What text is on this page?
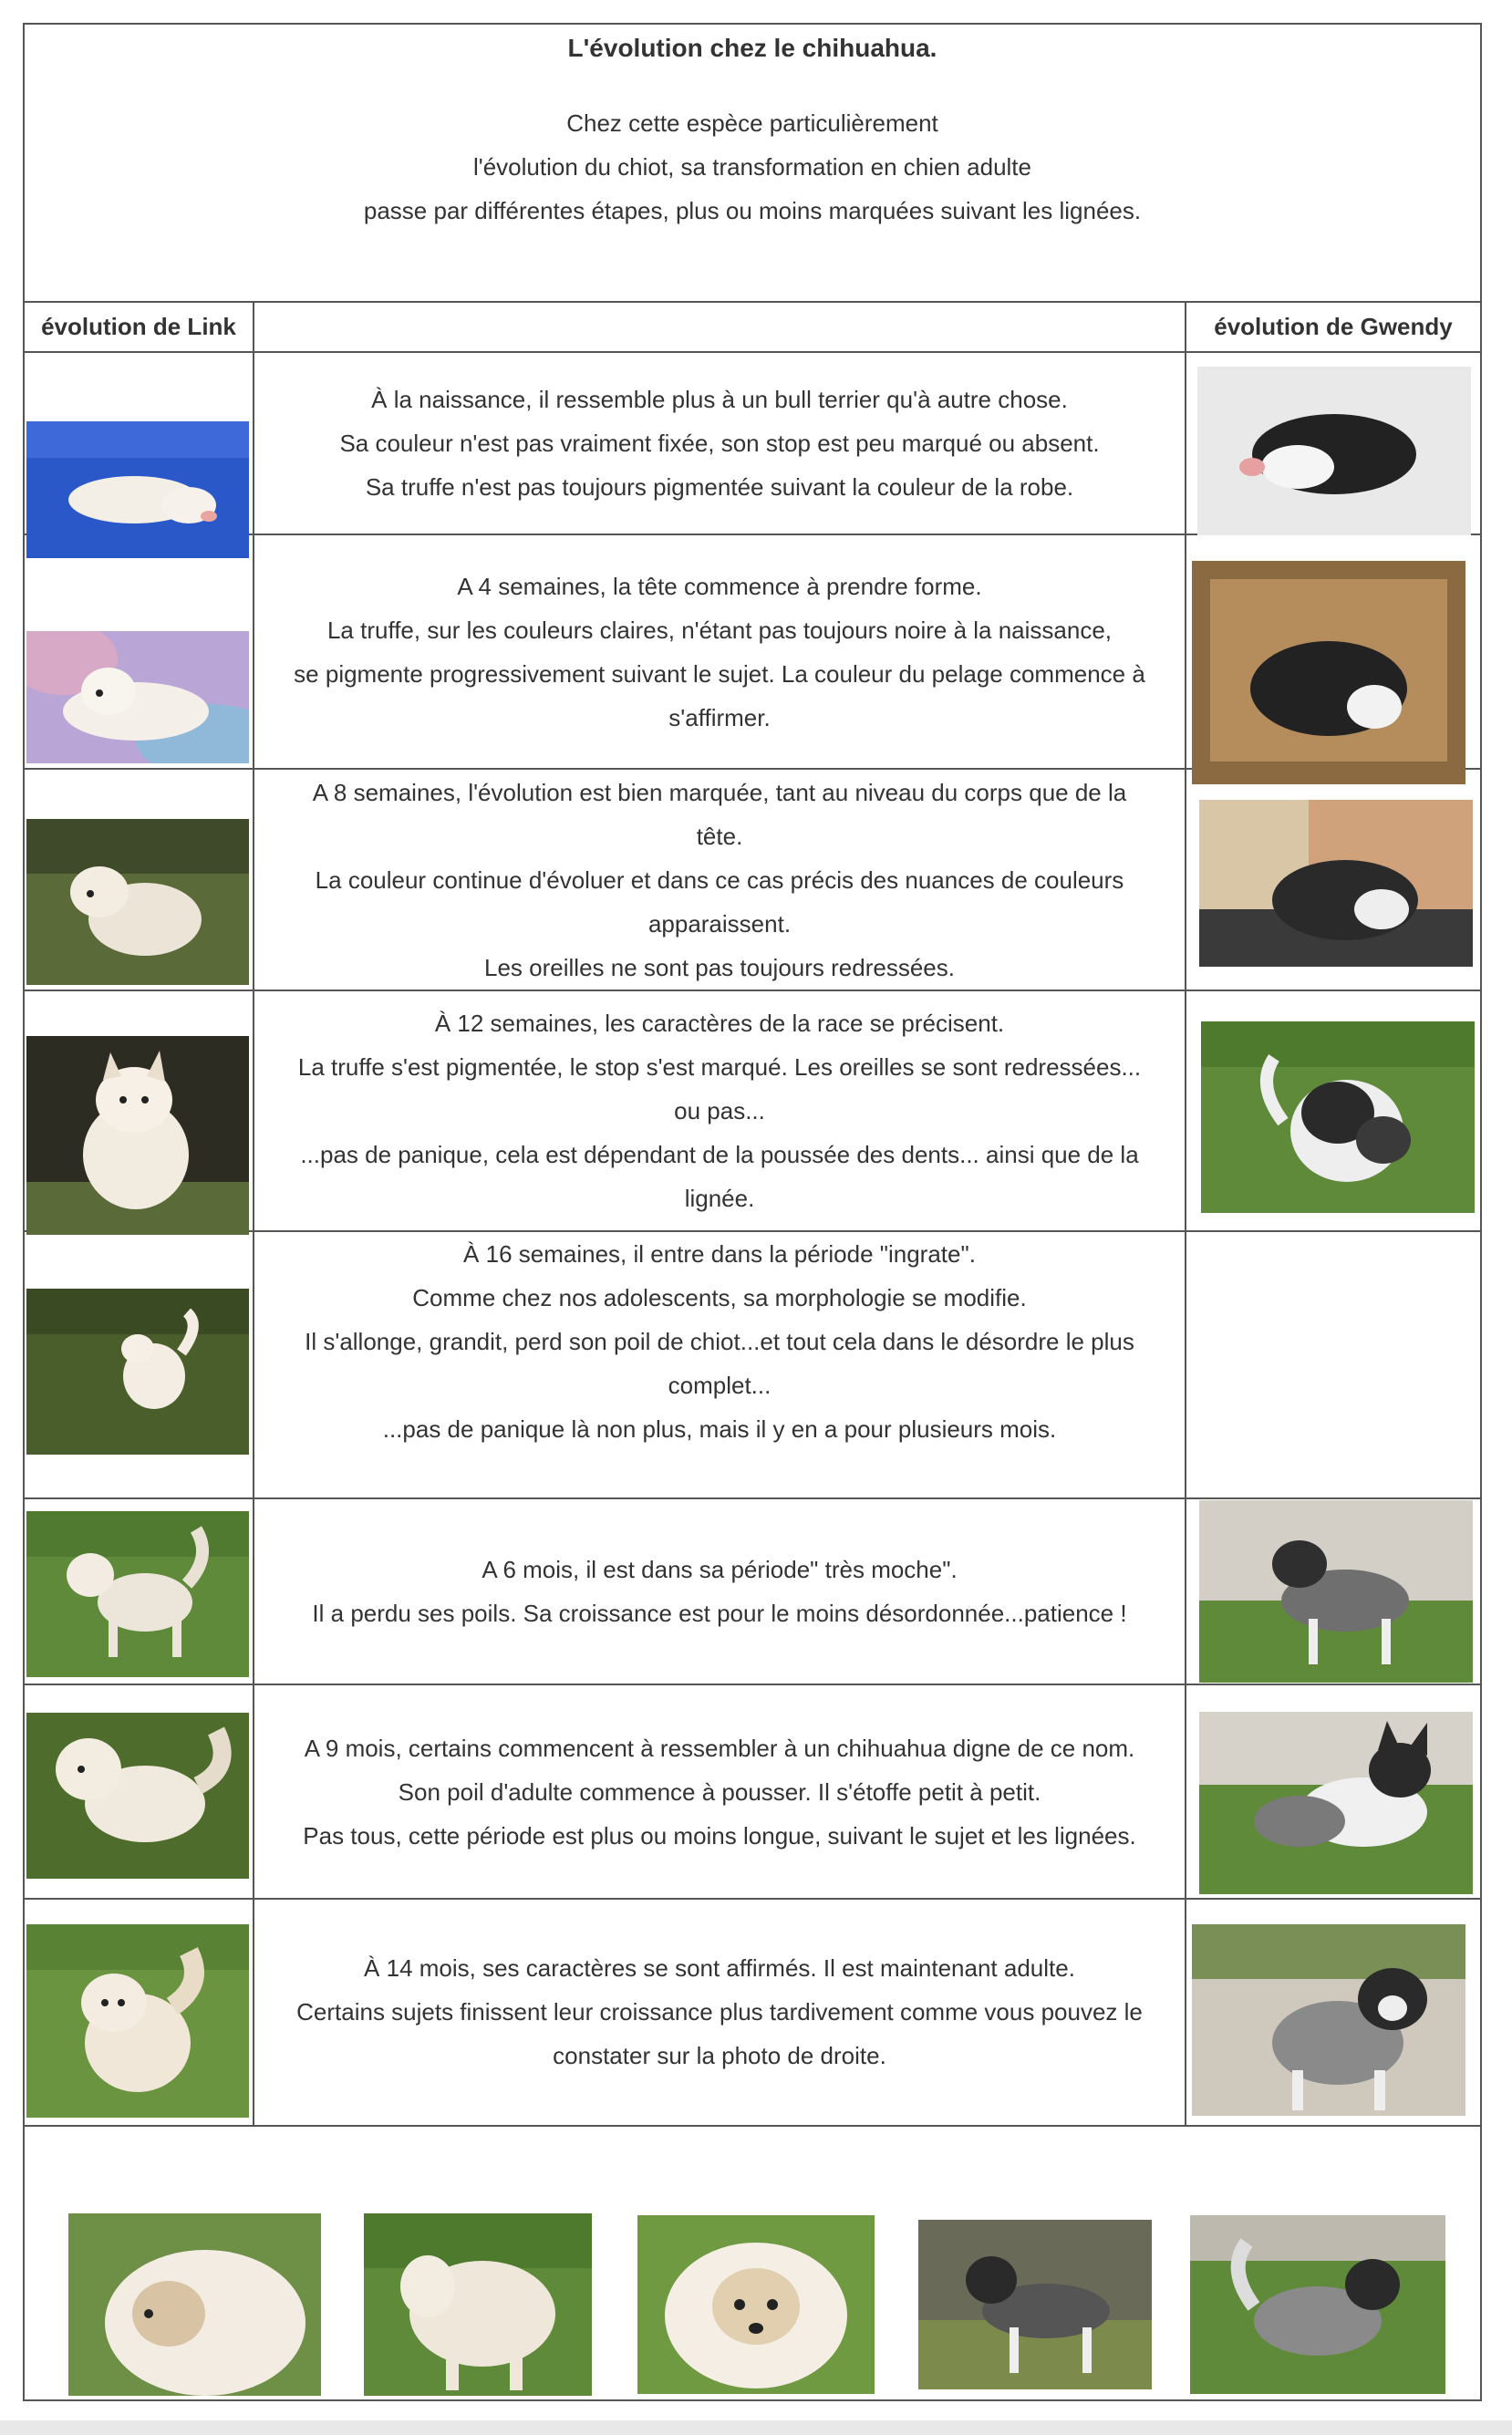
L'évolution chez le chihuahua.

Chez cette espèce particulièrement

l'évolution du chiot, sa transformation en chien adulte

passe par différentes étapes, plus ou moins marquées suivant les lignées.

évolution de Link	évolution de Gwendy

À la naissance, il ressemble plus à un bull terrier qu'à autre chose.

Sa couleur n'est pas vraiment fixée, son stop est peu marqué ou absent.

Sa truffe n'est pas toujours pigmentée suivant la couleur de la robe.

A 4 semaines, la tête commence à prendre forme.

La truffe, sur les couleurs claires, n'étant pas toujours noire à la naissance,

se pigmente progressivement suivant le sujet. La couleur du pelage commence à

s'affirmer.

A 8 semaines, l'évolution est bien marquée, tant au niveau du corps que de la

tête.

La couleur continue d'évoluer et dans ce cas précis des nuances de couleurs

apparaissent.

Les oreilles ne sont pas toujours redressées.

À 12 semaines, les caractères de la race se précisent.

La truffe s'est pigmentée, le stop s'est marqué. Les oreilles se sont redressées...

ou pas...

...pas de panique, cela est dépendant de la poussée des dents... ainsi que de la

lignée.

À 16 semaines, il entre dans la période "ingrate".

Comme chez nos adolescents, sa morphologie se modifie.

Il s'allonge, grandit, perd son poil de chiot...et tout cela dans le désordre le plus

complet...

...pas de panique là non plus, mais il y en a pour plusieurs mois.

A 6 mois, il est dans sa période" très moche".

Il a perdu ses poils. Sa croissance est pour le moins désordonnée...patience !

A 9 mois, certains commencent à ressembler à un chihuahua digne de ce nom.

Son poil d'adulte commence à pousser. Il s'étoffe petit à petit.

Pas tous, cette période est plus ou moins longue, suivant le sujet et les lignées.

À 14 mois, ses caractères se sont affirmés. Il est maintenant adulte.

Certains sujets finissent leur croissance plus tardivement comme vous pouvez le

constater sur la photo de droite.
